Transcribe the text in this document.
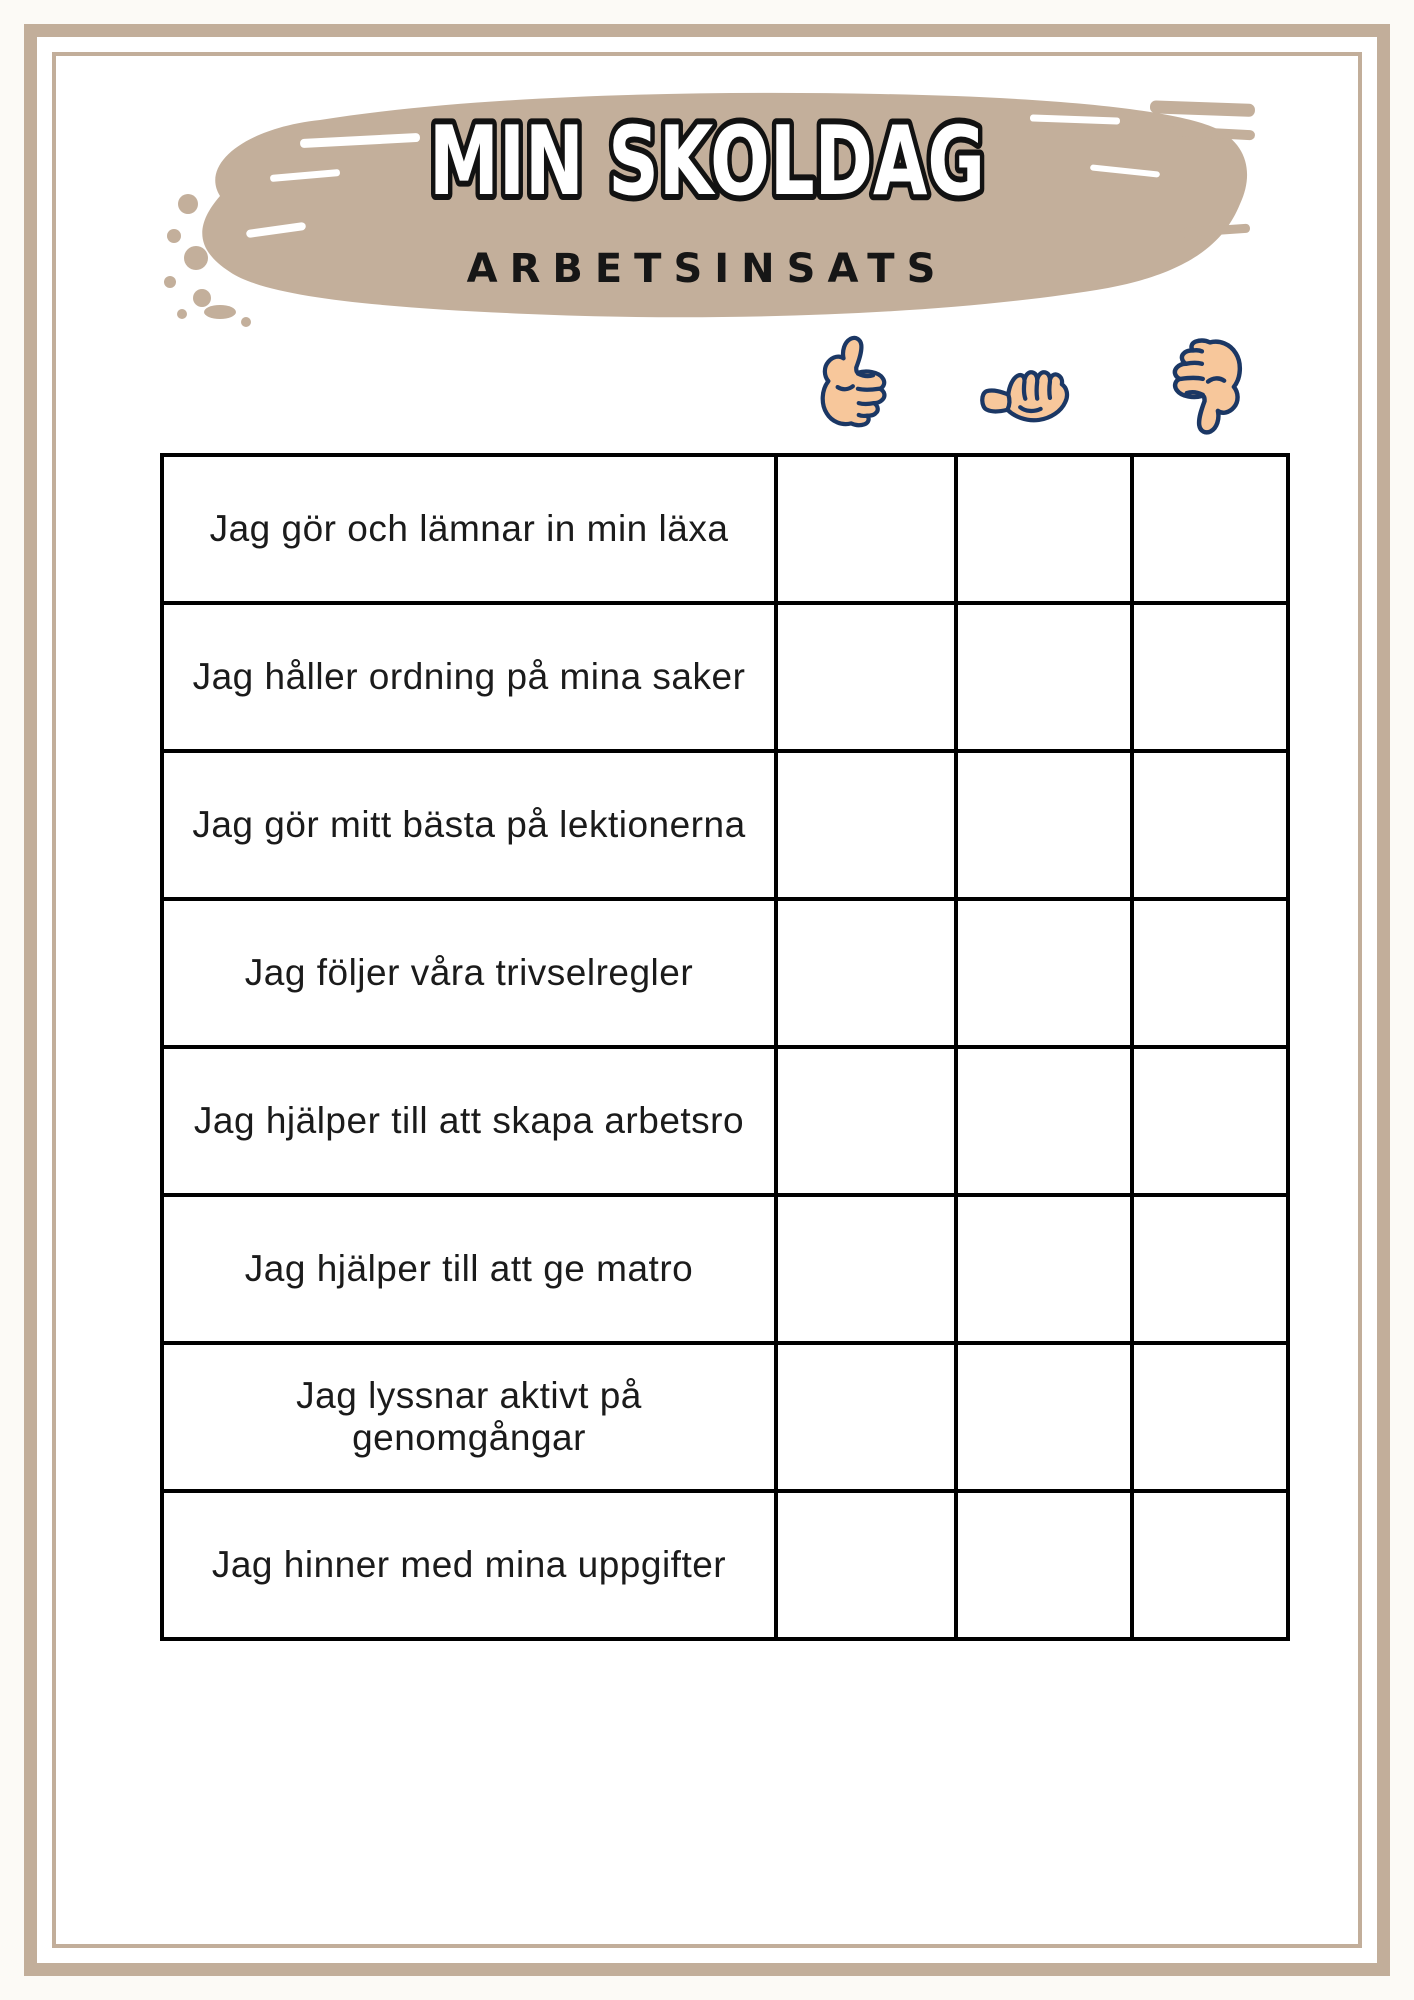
MIN SKOLDAG
ARBETSINSATS
Jag gör och lämnar in min läxa
Jag håller ordning på mina saker
Jag gör mitt bästa på lektionerna
Jag följer våra trivselregler
Jag hjälper till att skapa arbetsro
Jag hjälper till att ge matro
Jag lyssnar aktivt på genomgångar
Jag hinner med mina uppgifter
